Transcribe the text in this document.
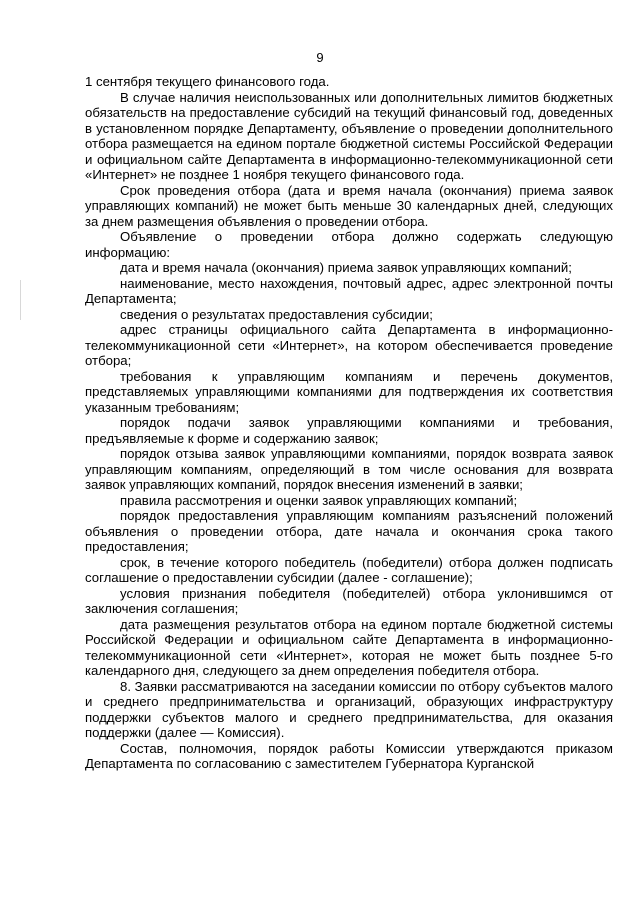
9

1 сентября текущего финансового года.

В случае наличия неиспользованных или дополнительных лимитов бюджетных обязательств на предоставление субсидий на текущий финансовый год, доведенных в установленном порядке Департаменту, объявление о проведении дополнительного отбора размещается на едином портале бюджетной системы Российской Федерации и официальном сайте Департамента в информационно-телекоммуникационной сети «Интернет» не позднее 1 ноября текущего финансового года.

Срок проведения отбора (дата и время начала (окончания) приема заявок управляющих компаний) не может быть меньше 30 календарных дней, следующих за днем размещения объявления о проведении отбора.

Объявление о проведении отбора должно содержать следующую информацию:

дата и время начала (окончания) приема заявок управляющих компаний;

наименование, место нахождения, почтовый адрес, адрес электронной почты Департамента;

сведения о результатах предоставления субсидии;

адрес страницы официального сайта Департамента в информационно-телекоммуникационной сети «Интернет», на котором обеспечивается проведение отбора;

требования к управляющим компаниям и перечень документов, представляемых управляющими компаниями для подтверждения их соответствия указанным требованиям;

порядок подачи заявок управляющими компаниями и требования, предъявляемые к форме и содержанию заявок;

порядок отзыва заявок управляющими компаниями, порядок возврата заявок управляющим компаниям, определяющий в том числе основания для возврата заявок управляющих компаний, порядок внесения изменений в заявки;

правила рассмотрения и оценки заявок управляющих компаний;

порядок предоставления управляющим компаниям разъяснений положений объявления о проведении отбора, дате начала и окончания срока такого предоставления;

срок, в течение которого победитель (победители) отбора должен подписать соглашение о предоставлении субсидии (далее - соглашение);

условия признания победителя (победителей) отбора уклонившимся от заключения соглашения;

дата размещения результатов отбора на едином портале бюджетной системы Российской Федерации и официальном сайте Департамента в информационно-телекоммуникационной сети «Интернет», которая не может быть позднее 5-го календарного дня, следующего за днем определения победителя отбора.

8. Заявки рассматриваются на заседании комиссии по отбору субъектов малого и среднего предпринимательства и организаций, образующих инфраструктуру поддержки субъектов малого и среднего предпринимательства, для оказания поддержки (далее — Комиссия).

Состав, полномочия, порядок работы Комиссии утверждаются приказом Департамента по согласованию с заместителем Губернатора Курганской
